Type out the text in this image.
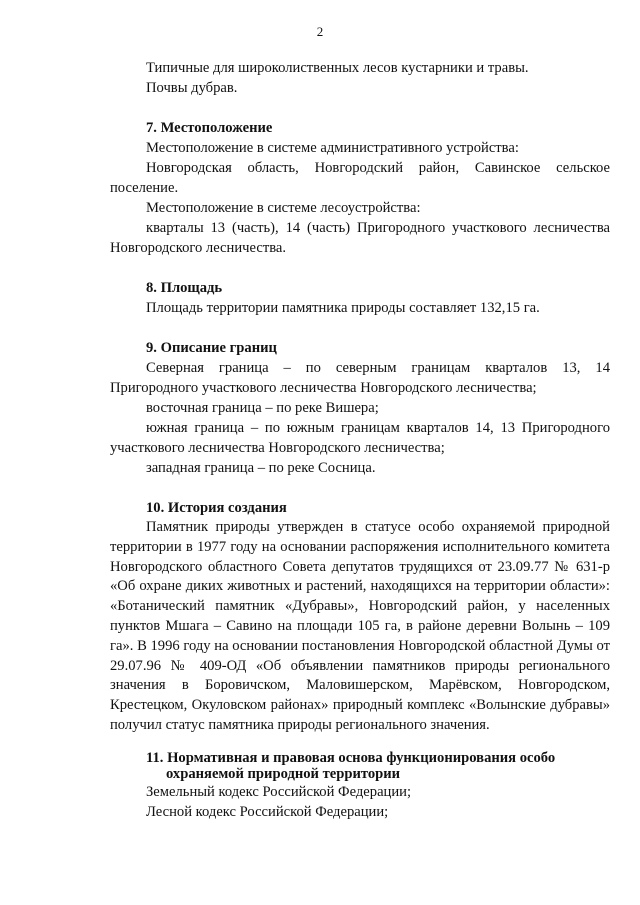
2

Типичные для широколиственных лесов кустарники и травы.

Почвы дубрав.

7. Местоположение

Местоположение в системе административного устройства:

Новгородская область, Новгородский район, Савинское сельское поселение.

Местоположение в системе лесоустройства:

кварталы 13 (часть), 14 (часть) Пригородного участкового лесничества Новгородского лесничества.

8. Площадь

Площадь территории памятника природы составляет 132,15 га.

9. Описание границ

Северная граница – по северным границам кварталов 13, 14 Пригородного участкового лесничества Новгородского лесничества;

восточная граница – по реке Вишера;

южная граница – по южным границам кварталов 14, 13 Пригородного участкового лесничества Новгородского лесничества;

западная граница – по реке Сосница.

10. История создания

Памятник природы утвержден в статусе особо охраняемой природной территории в 1977 году на основании распоряжения исполнительного комитета Новгородского областного Совета депутатов трудящихся от 23.09.77 № 631-р «Об охране диких животных и растений, находящихся на территории области»: «Ботанический памятник «Дубравы», Новгородский район, у населенных пунктов Мшага – Савино на площади 105 га, в районе деревни Волынь – 109 га». В 1996 году на основании постановления Новгородской областной Думы от 29.07.96 № 409-ОД «Об объявлении памятников природы регионального значения в Боровичском, Маловишерском, Марёвском, Новгородском, Крестецком, Окуловском районах» природный комплекс «Волынские дубравы» получил статус памятника природы регионального значения.

11. Нормативная и правовая основа функционирования особо
охраняемой природной территории

Земельный кодекс Российской Федерации;

Лесной кодекс Российской Федерации;
